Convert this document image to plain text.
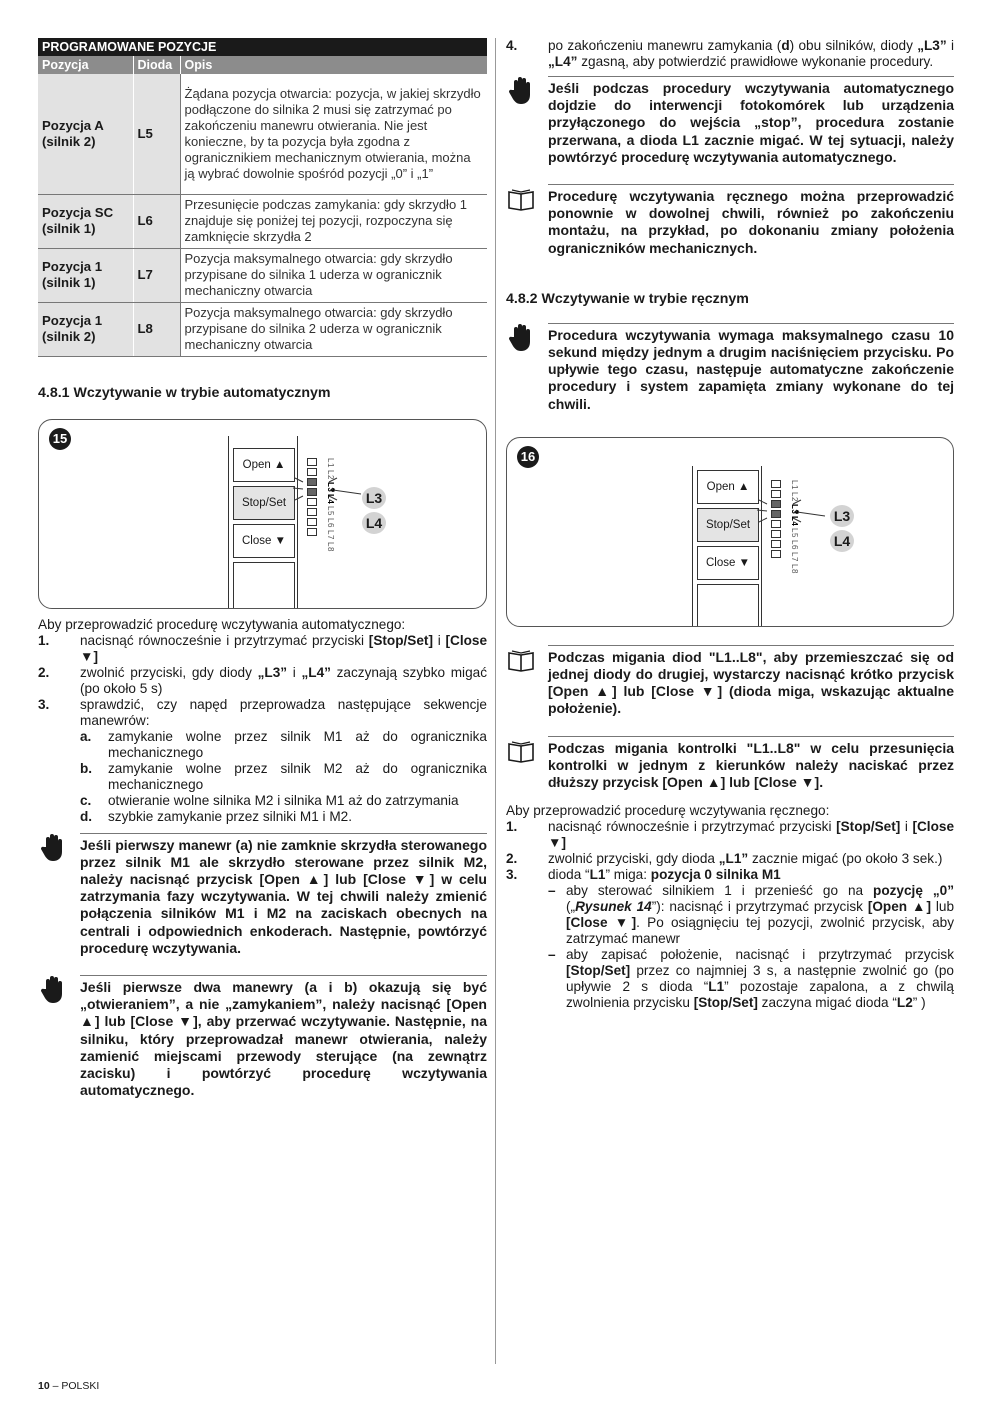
PROGRAMOWANE POZYCJE		
Pozycja	Dioda	Opis
Pozycja A (silnik 2)	L5	Żądana pozycja otwarcia: pozycja, w jakiej skrzydło podłączone do silnika 2 musi się zatrzymać po zakończeniu manewru otwierania. Nie jest konieczne, by ta pozycja była zgodna z ogranicznikiem mechanicznym otwierania, można ją wybrać dowolnie spośród pozycji „0” i „1”
Pozycja SC (silnik 1)	L6	Przesunięcie podczas zamykania: gdy skrzydło 1 znajduje się poniżej tej pozycji, rozpoczyna się zamknięcie skrzydła 2
Pozycja 1 (silnik 1)	L7	Pozycja maksymalnego otwarcia: gdy skrzydło przypisane do silnika 1 uderza w ogranicznik mechaniczny otwarcia
Pozycja 1 (silnik 2)	L8	Pozycja maksymalnego otwarcia: gdy skrzydło przypisane do silnika 2 uderza w ogranicznik mechaniczny otwarcia
4.8.1 Wczytywanie w trybie automatycznym
15
Open ▲
Stop/Set
Close ▼
L1
L2
L3
L4
L5
L6
L7
L8
L3
L4

Aby przeprowadzić procedurę wczytywania automatycznego:

1. nacisnąć równocześnie i przytrzymać przyciski [Stop/Set] i [Close ▼]
2. zwolnić przyciski, gdy diody „L3” i „L4” zaczynają szybko migać (po około 5 s)
3. sprawdzić, czy napęd przeprowadza następujące sekwencje manewrów:
a. zamykanie wolne przez silnik M1 aż do ogranicznika mechanicznego
b. zamykanie wolne przez silnik M2 aż do ogranicznika mechanicznego
c. otwieranie wolne silnika M2 i silnika M1 aż do zatrzymania
d. szybkie zamykanie przez silniki M1 i M2.
Jeśli pierwszy manewr (a) nie zamknie skrzydła sterowanego przez silnik M1 ale skrzydło sterowane przez silnik M2, należy nacisnąć przycisk [Open ▲] lub [Close ▼] w celu zatrzymania fazy wczytywania. W tej chwili należy zmienić połączenia silników M1 i M2 na zaciskach obecnych na centrali i odpowiednich enkoderach. Następnie, powtórzyć procedurę wczytywania.
Jeśli pierwsze dwa manewry (a i b) okazują się być „otwieraniem”, a nie „zamykaniem”, należy nacisnąć [Open ▲] lub [Close ▼], aby przerwać wczytywanie. Następnie, na silniku, który przeprowadzał manewr otwierania, należy zamienić miejscami przewody sterujące (na zewnątrz zacisku) i powtórzyć procedurę wczytywania automatycznego.
4. po zakończeniu manewru zamykania (d) obu silników, diody „L3” i „L4” zgasną, aby potwierdzić prawidłowe wykonanie procedury.
Jeśli podczas procedury wczytywania automatycznego dojdzie do interwencji fotokomórek lub urządzenia przyłączonego do wejścia „stop”, procedura zostanie przerwana, a dioda L1 zacznie migać. W tej sytuacji, należy powtórzyć procedurę wczytywania automatycznego.
Procedurę wczytywania ręcznego można przeprowadzić ponownie w dowolnej chwili, również po zakończeniu montażu, na przykład, po dokonaniu zmiany położenia ograniczników mechanicznych.
4.8.2 Wczytywanie w trybie ręcznym
Procedura wczytywania wymaga maksymalnego czasu 10 sekund między jednym a drugim naciśnięciem przycisku. Po upływie tego czasu, następuje automatyczne zakończenie procedury i system zapamięta zmiany wykonane do tej chwili.
16
Open ▲
Stop/Set
Close ▼
L1
L2
L3
L4
L5
L6
L7
L8
L3
L4
Podczas migania diod "L1..L8", aby przemieszczać się od jednej diody do drugiej, wystarczy nacisnąć krótko przycisk [Open ▲] lub [Close ▼] (dioda miga, wskazując aktualne położenie).
Podczas migania kontrolki "L1..L8" w celu przesunięcia kontrolki w jednym z kierunków należy naciskać przez dłuższy przycisk [Open ▲] lub [Close ▼].

Aby przeprowadzić procedurę wczytywania ręcznego:

1. nacisnąć równocześnie i przytrzymać przyciski [Stop/Set] i [Close ▼]
2. zwolnić przyciski, gdy dioda „L1” zacznie migać (po około 3 sek.)
3. dioda “L1” miga: pozycja 0 silnika M1
– aby sterować silnikiem 1 i przenieść go na pozycję „0” („Rysunek 14”): nacisnąć i przytrzymać przycisk [Open ▲] lub [Close ▼]. Po osiągnięciu tej pozycji, zwolnić przycisk, aby zatrzymać manewr
– aby zapisać położenie, nacisnąć i przytrzymać przycisk [Stop/Set] przez co najmniej 3 s, a następnie zwolnić go (po upływie 2 s dioda “L1” pozostaje zapalona, a z chwilą zwolnienia przycisku [Stop/Set] zaczyna migać dioda “L2” )
10 – POLSKI
